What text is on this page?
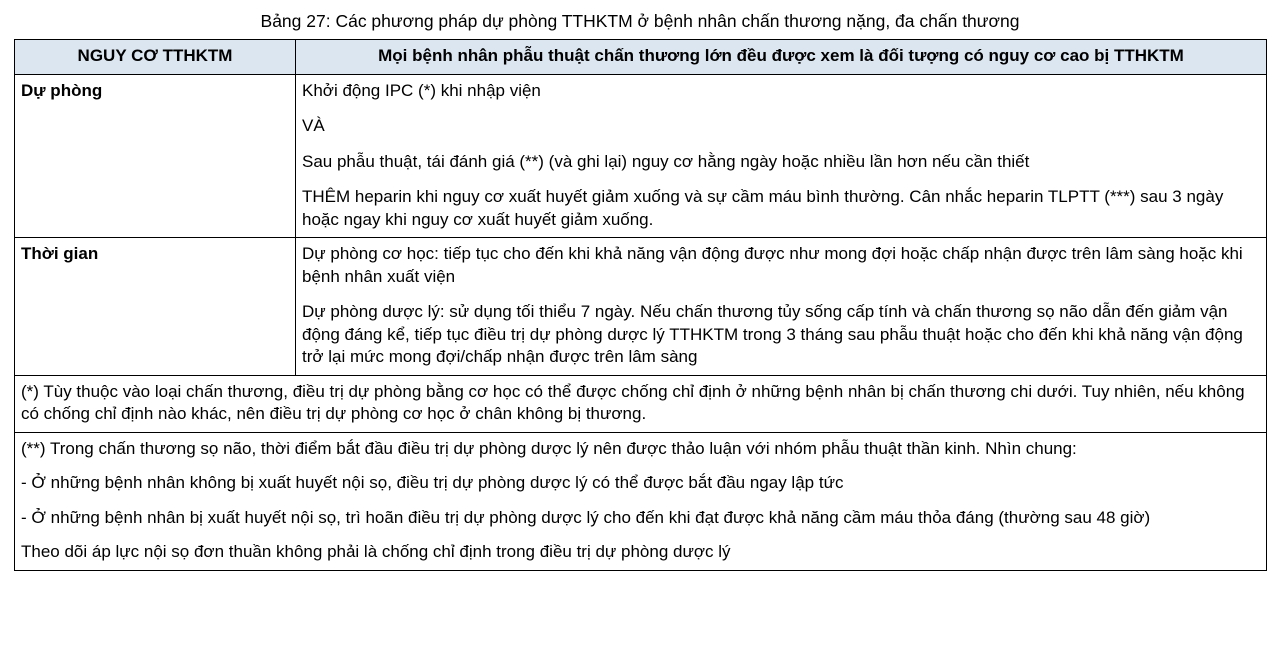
Bảng 27: Các phương pháp dự phòng TTHKTM ở bệnh nhân chấn thương nặng, đa chấn thương
NGUY CƠ TTHKTM	Mọi bệnh nhân phẫu thuật chấn thương lớn đều được xem là đối tượng có nguy cơ cao bị TTHKTM
Dự phòng	Khởi động IPC (*) khi nhập viện

VÀ

Sau phẫu thuật, tái đánh giá (**) (và ghi lại) nguy cơ hằng ngày hoặc nhiều lần hơn nếu cần thiết

THÊM heparin khi nguy cơ xuất huyết giảm xuống và sự cầm máu bình thường. Cân nhắc heparin TLPTT (***) sau 3 ngày hoặc ngay khi nguy cơ xuất huyết giảm xuống.

Thời gian	Dự phòng cơ học: tiếp tục cho đến khi khả năng vận động được như mong đợi hoặc chấp nhận được trên lâm sàng hoặc khi bệnh nhân xuất viện

Dự phòng dược lý: sử dụng tối thiểu 7 ngày. Nếu chấn thương tủy sống cấp tính và chấn thương sọ não dẫn đến giảm vận động đáng kể, tiếp tục điều trị dự phòng dược lý TTHKTM trong 3 tháng sau phẫu thuật hoặc cho đến khi khả năng vận động trở lại mức mong đợi/chấp nhận được trên lâm sàng

(*) Tùy thuộc vào loại chấn thương, điều trị dự phòng bằng cơ học có thể được chống chỉ định ở những bệnh nhân bị chấn thương chi dưới. Tuy nhiên, nếu không có chống chỉ định nào khác, nên điều trị dự phòng cơ học ở chân không bị thương.	

(**) Trong chấn thương sọ não, thời điểm bắt đầu điều trị dự phòng dược lý nên được thảo luận với nhóm phẫu thuật thần kinh. Nhìn chung:

- Ở những bệnh nhân không bị xuất huyết nội sọ, điều trị dự phòng dược lý có thể được bắt đầu ngay lập tức

- Ở những bệnh nhân bị xuất huyết nội sọ, trì hoãn điều trị dự phòng dược lý cho đến khi đạt được khả năng cầm máu thỏa đáng (thường sau 48 giờ)

Theo dõi áp lực nội sọ đơn thuần không phải là chống chỉ định trong điều trị dự phòng dược lý	
